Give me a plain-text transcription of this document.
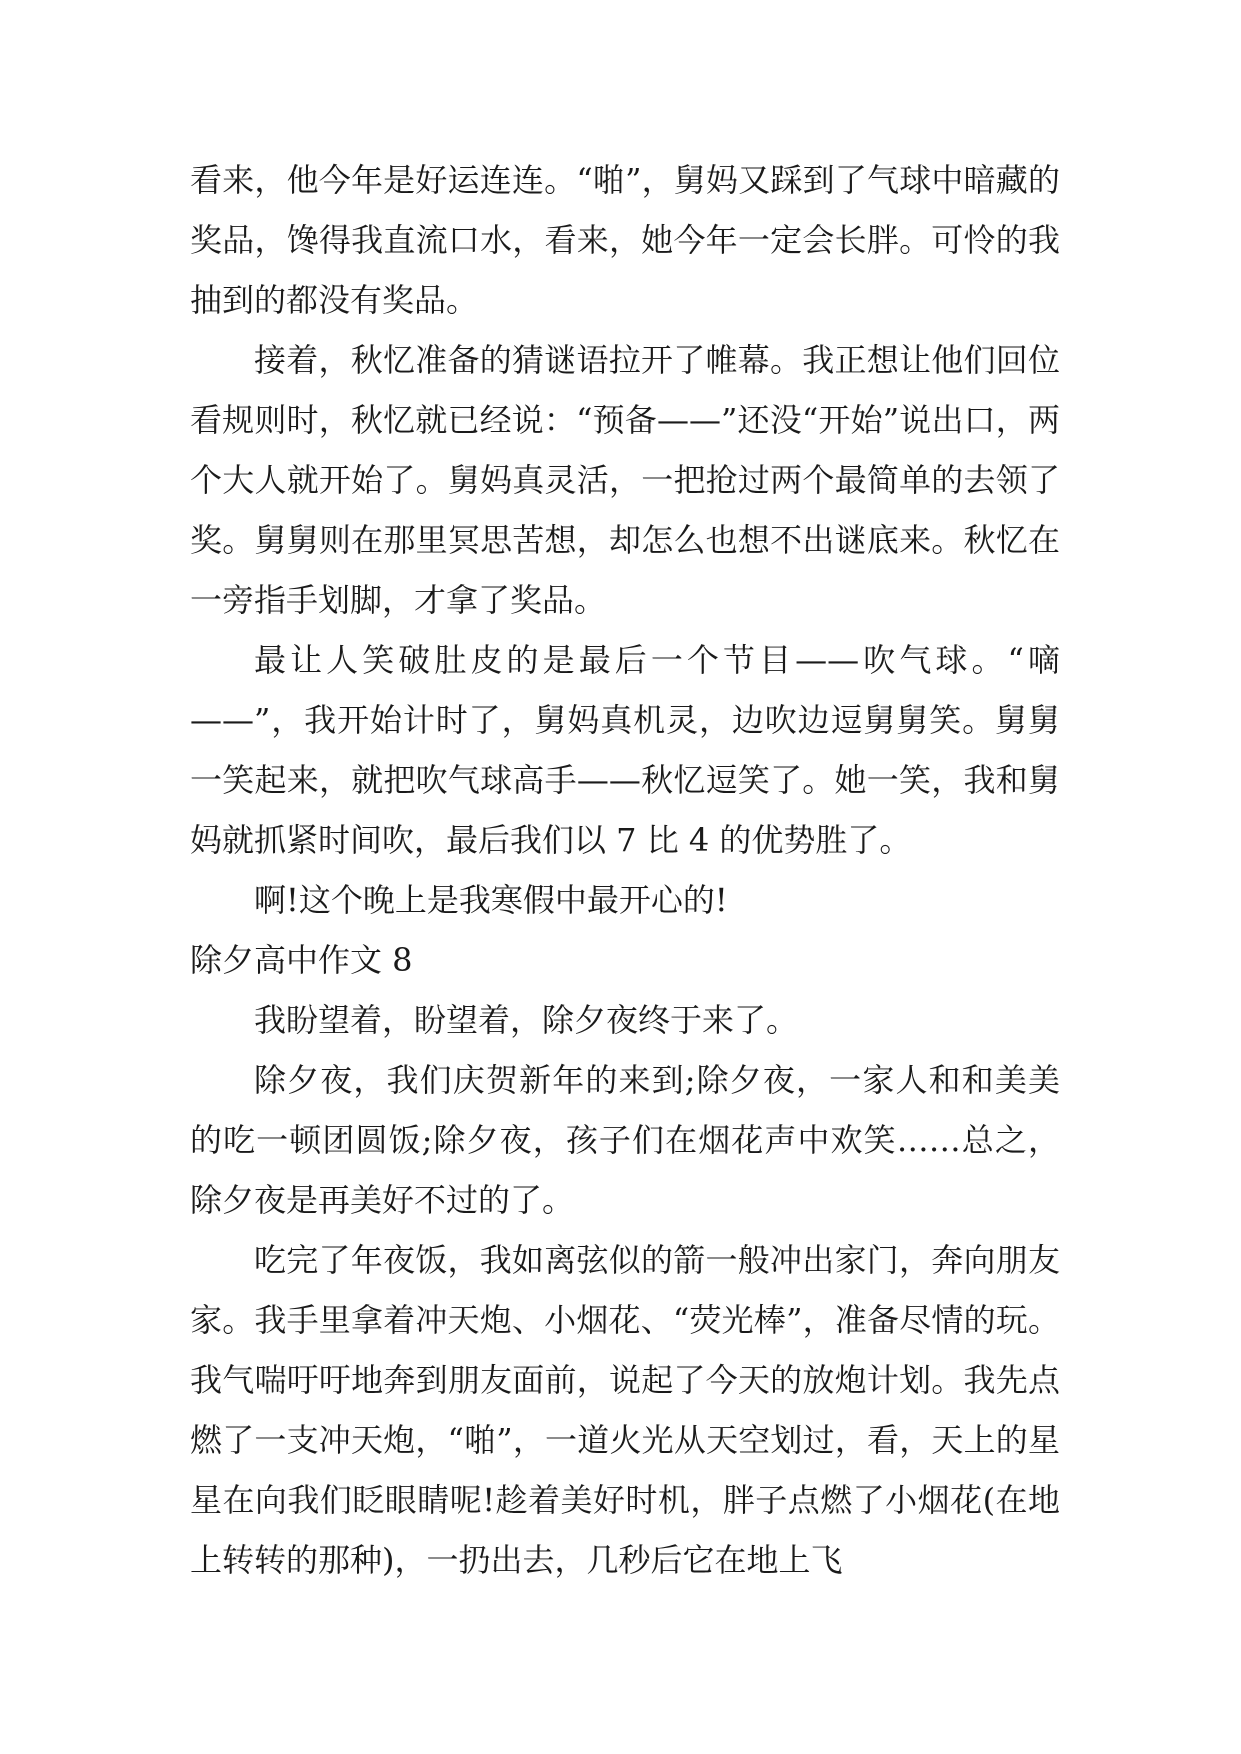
看来，他今年是好运连连。“啪”，舅妈又踩到了气球中暗藏的奖品，馋得我直流口水，看来，她今年一定会长胖。可怜的我抽到的都没有奖品。

接着，秋忆准备的猜谜语拉开了帷幕。我正想让他们回位看规则时，秋忆就已经说：“预备——”还没“开始”说出口，两个大人就开始了。舅妈真灵活，一把抢过两个最简单的去领了奖。舅舅则在那里冥思苦想，却怎么也想不出谜底来。秋忆在一旁指手划脚，才拿了奖品。

最让人笑破肚皮的是最后一个节目——吹气球。“嘀——”，我开始计时了，舅妈真机灵，边吹边逗舅舅笑。舅舅一笑起来，就把吹气球高手——秋忆逗笑了。她一笑，我和舅妈就抓紧时间吹，最后我们以 7 比 4 的优势胜了。

啊!这个晚上是我寒假中最开心的!

除夕高中作文 8

我盼望着，盼望着，除夕夜终于来了。

除夕夜，我们庆贺新年的来到;除夕夜，一家人和和美美的吃一顿团圆饭;除夕夜，孩子们在烟花声中欢笑……总之，除夕夜是再美好不过的了。

吃完了年夜饭，我如离弦似的箭一般冲出家门，奔向朋友家。我手里拿着冲天炮、小烟花、“荧光棒”，准备尽情的玩。我气喘吁吁地奔到朋友面前，说起了今天的放炮计划。我先点燃了一支冲天炮，“啪”，一道火光从天空划过，看，天上的星星在向我们眨眼睛呢!趁着美好时机，胖子点燃了小烟花(在地上转转的那种)，一扔出去，几秒后它在地上飞
